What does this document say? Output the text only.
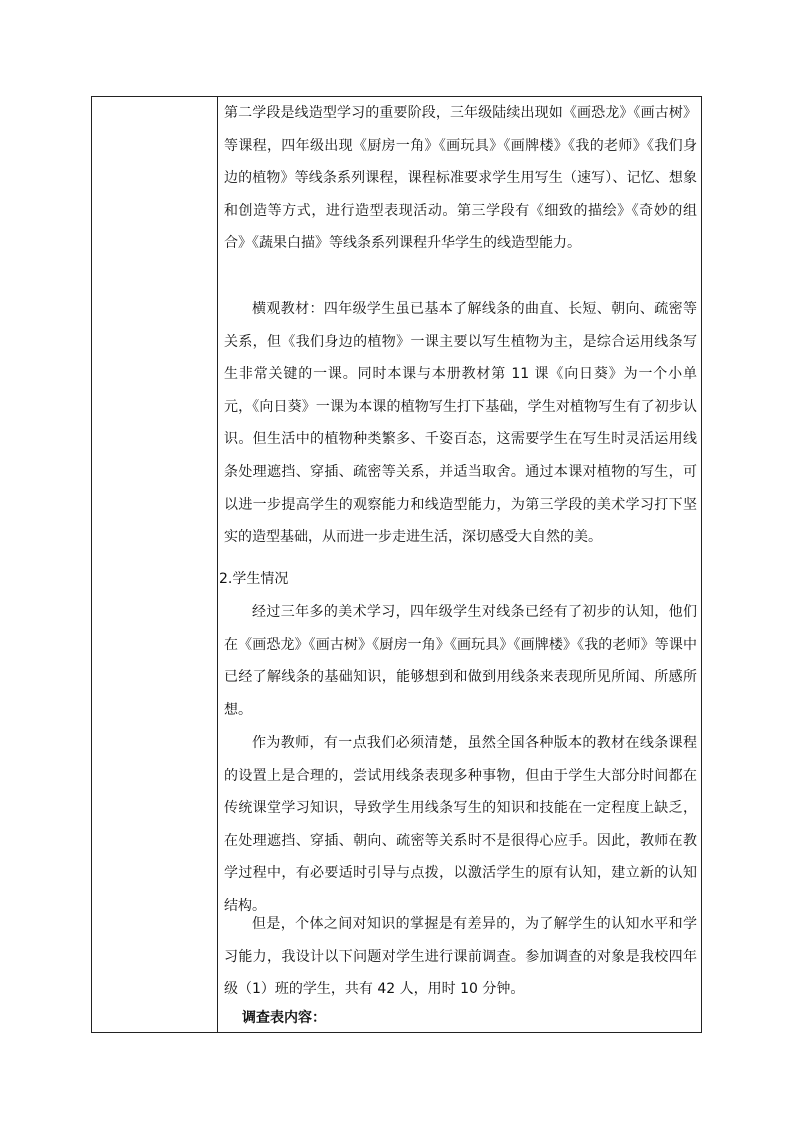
第二学段是线造型学习的重要阶段，三年级陆续出现如《画恐龙》《画古树》等课程，四年级出现《厨房一角》《画玩具》《画牌楼》《我的老师》《我们身边的植物》等线条系列课程，课程标准要求学生用写生（速写）、记忆、想象和创造等方式，进行造型表现活动。第三学段有《细致的描绘》《奇妙的组合》《蔬果白描》等线条系列课程升华学生的线造型能力。

横观教材：四年级学生虽已基本了解线条的曲直、长短、朝向、疏密等关系，但《我们身边的植物》一课主要以写生植物为主，是综合运用线条写生非常关键的一课。同时本课与本册教材第 11 课《向日葵》为一个小单元，《向日葵》一课为本课的植物写生打下基础，学生对植物写生有了初步认识。但生活中的植物种类繁多、千姿百态，这需要学生在写生时灵活运用线条处理遮挡、穿插、疏密等关系，并适当取舍。通过本课对植物的写生，可以进一步提高学生的观察能力和线造型能力，为第三学段的美术学习打下坚实的造型基础，从而进一步走进生活，深切感受大自然的美。

2.学生情况

经过三年多的美术学习，四年级学生对线条已经有了初步的认知，他们在《画恐龙》《画古树》《厨房一角》《画玩具》《画牌楼》《我的老师》等课中已经了解线条的基础知识，能够想到和做到用线条来表现所见所闻、所感所想。

作为教师，有一点我们必须清楚，虽然全国各种版本的教材在线条课程的设置上是合理的，尝试用线条表现多种事物，但由于学生大部分时间都在传统课堂学习知识，导致学生用线条写生的知识和技能在一定程度上缺乏，在处理遮挡、穿插、朝向、疏密等关系时不是很得心应手。因此，教师在教学过程中，有必要适时引导与点拨，以激活学生的原有认知，建立新的认知结构。

但是，个体之间对知识的掌握是有差异的，为了解学生的认知水平和学习能力，我设计以下问题对学生进行课前调查。参加调查的对象是我校四年级（1）班的学生，共有 42 人，用时 10 分钟。

调查表内容：
